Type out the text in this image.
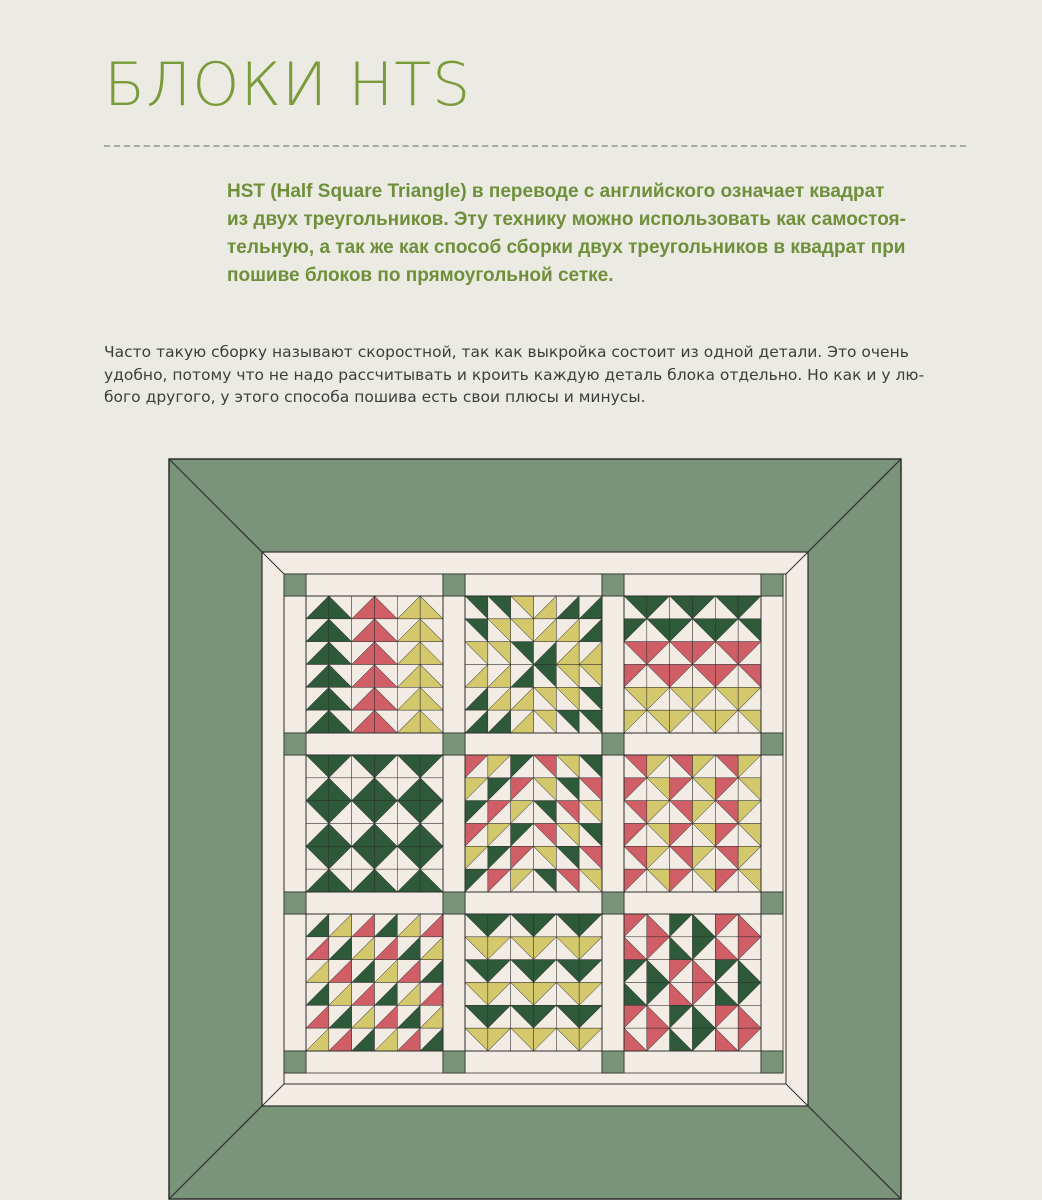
БЛОКИ HTS

HST (Half Square Triangle) в переводе с английского означает квадрат
из двух треугольников. Эту технику можно использовать как самостоя-
тельную, а так же как способ сборки двух треугольников в квадрат при
пошиве блоков по прямоугольной сетке.

Часто такую сборку называют скоростной, так как выкройка состоит из одной детали. Это очень
удобно, потому что не надо рассчитывать и кроить каждую деталь блока отдельно. Но как и у лю-
бого другого, у этого способа пошива есть свои плюсы и минусы.
